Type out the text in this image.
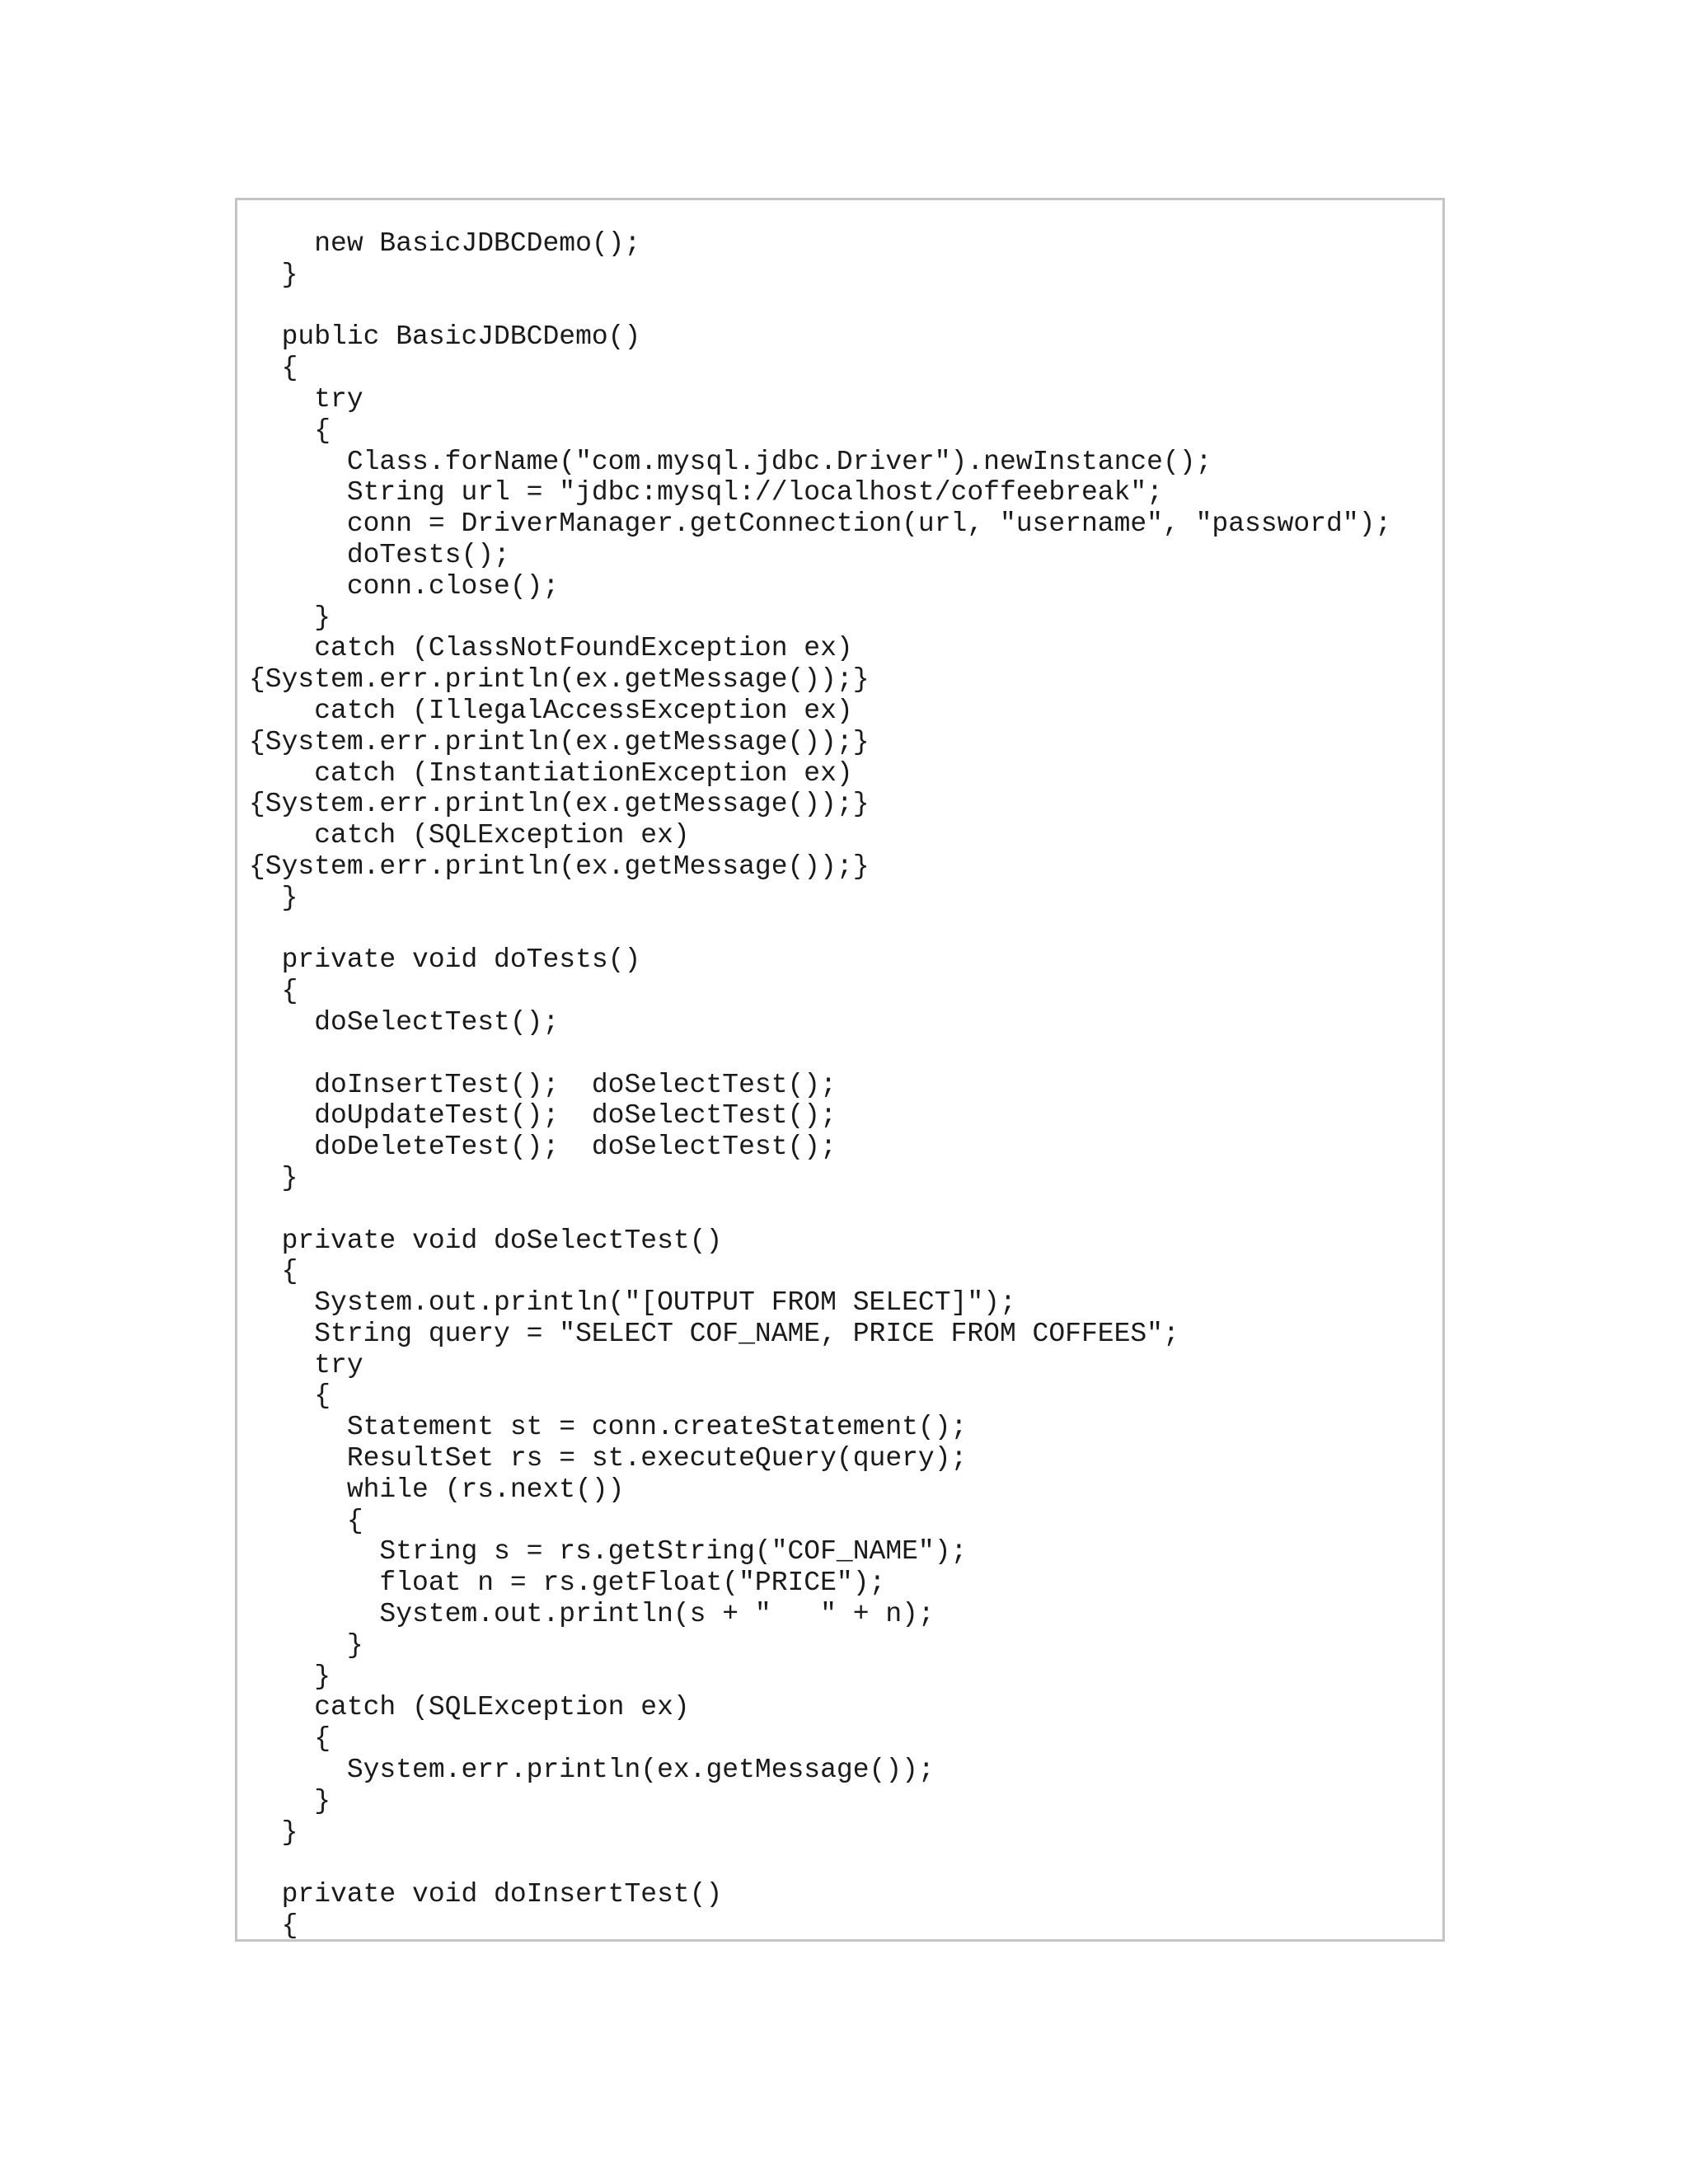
new BasicJDBCDemo();
}

public BasicJDBCDemo()
{
try
{
Class.forName("com.mysql.jdbc.Driver").newInstance();
String url = "jdbc:mysql://localhost/coffeebreak";
conn = DriverManager.getConnection(url, "username", "password");
doTests();
conn.close();
}
catch (ClassNotFoundException ex)
{System.err.println(ex.getMessage());}
catch (IllegalAccessException ex)
{System.err.println(ex.getMessage());}
catch (InstantiationException ex)
{System.err.println(ex.getMessage());}
catch (SQLException ex)
{System.err.println(ex.getMessage());}
}

private void doTests()
{
doSelectTest();

doInsertTest();  doSelectTest();
doUpdateTest();  doSelectTest();
doDeleteTest();  doSelectTest();
}

private void doSelectTest()
{
System.out.println("[OUTPUT FROM SELECT]");
String query = "SELECT COF_NAME, PRICE FROM COFFEES";
try
{
Statement st = conn.createStatement();
ResultSet rs = st.executeQuery(query);
while (rs.next())
{
String s = rs.getString("COF_NAME");
float n = rs.getFloat("PRICE");
System.out.println(s + "   " + n);
}
}
catch (SQLException ex)
{
System.err.println(ex.getMessage());
}
}

private void doInsertTest()
{
